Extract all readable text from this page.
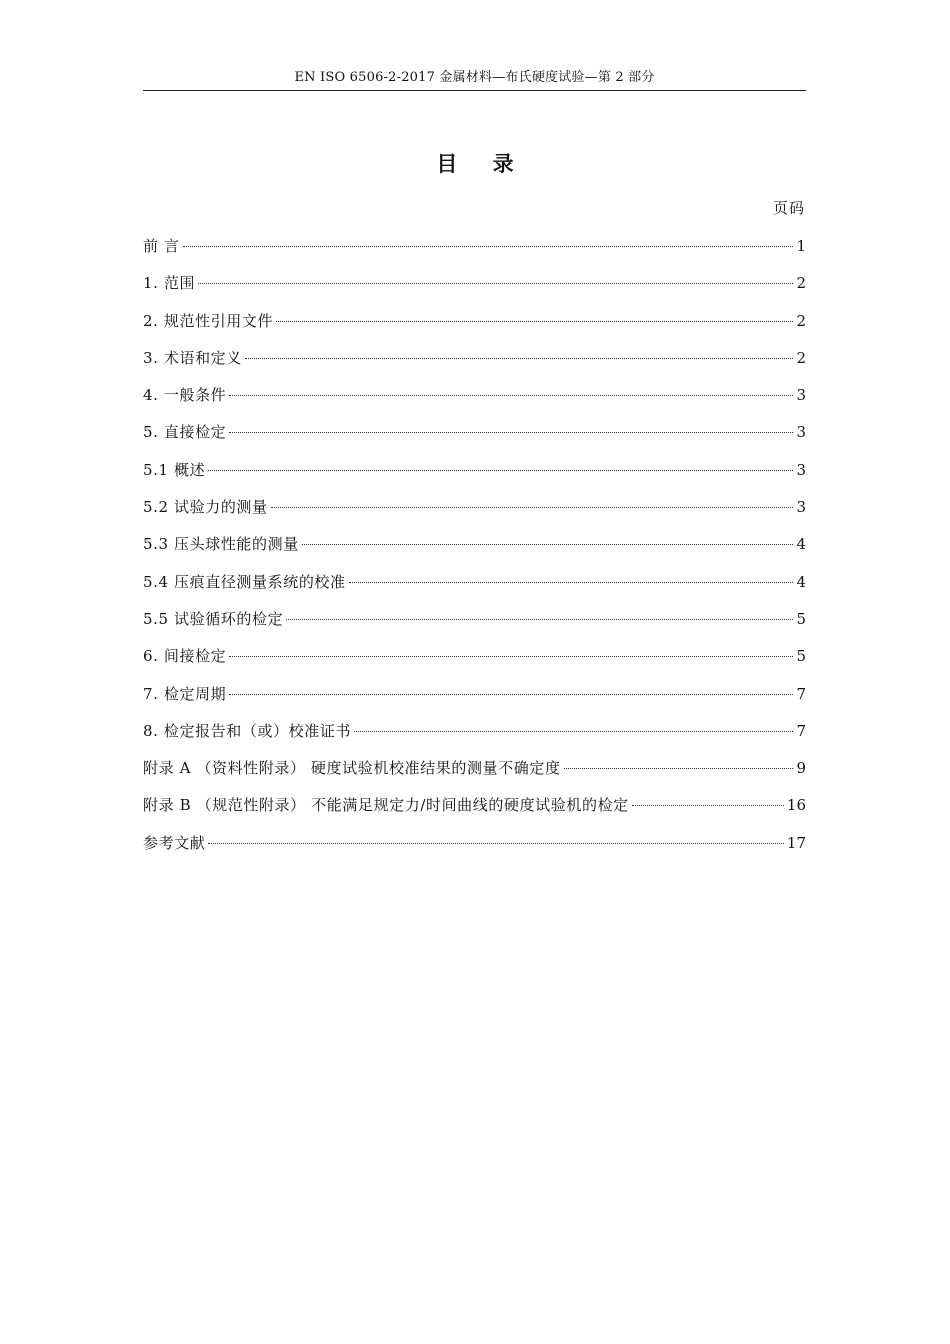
EN ISO 6506-2-2017 金属材料—布氏硬度试验—第 2 部分
目 录
页码
前 言	1
1. 范围	2
2. 规范性引用文件	2
3. 术语和定义	2
4. 一般条件	3
5. 直接检定	3
5.1 概述	3
5.2 试验力的测量	3
5.3 压头球性能的测量	4
5.4 压痕直径测量系统的校准	4
5.5 试验循环的检定	5
6. 间接检定	5
7. 检定周期	7
8. 检定报告和（或）校准证书	7
附录 A （资料性附录） 硬度试验机校准结果的测量不确定度	9
附录 B （规范性附录） 不能满足规定力/时间曲线的硬度试验机的检定	16
参考文献	17
